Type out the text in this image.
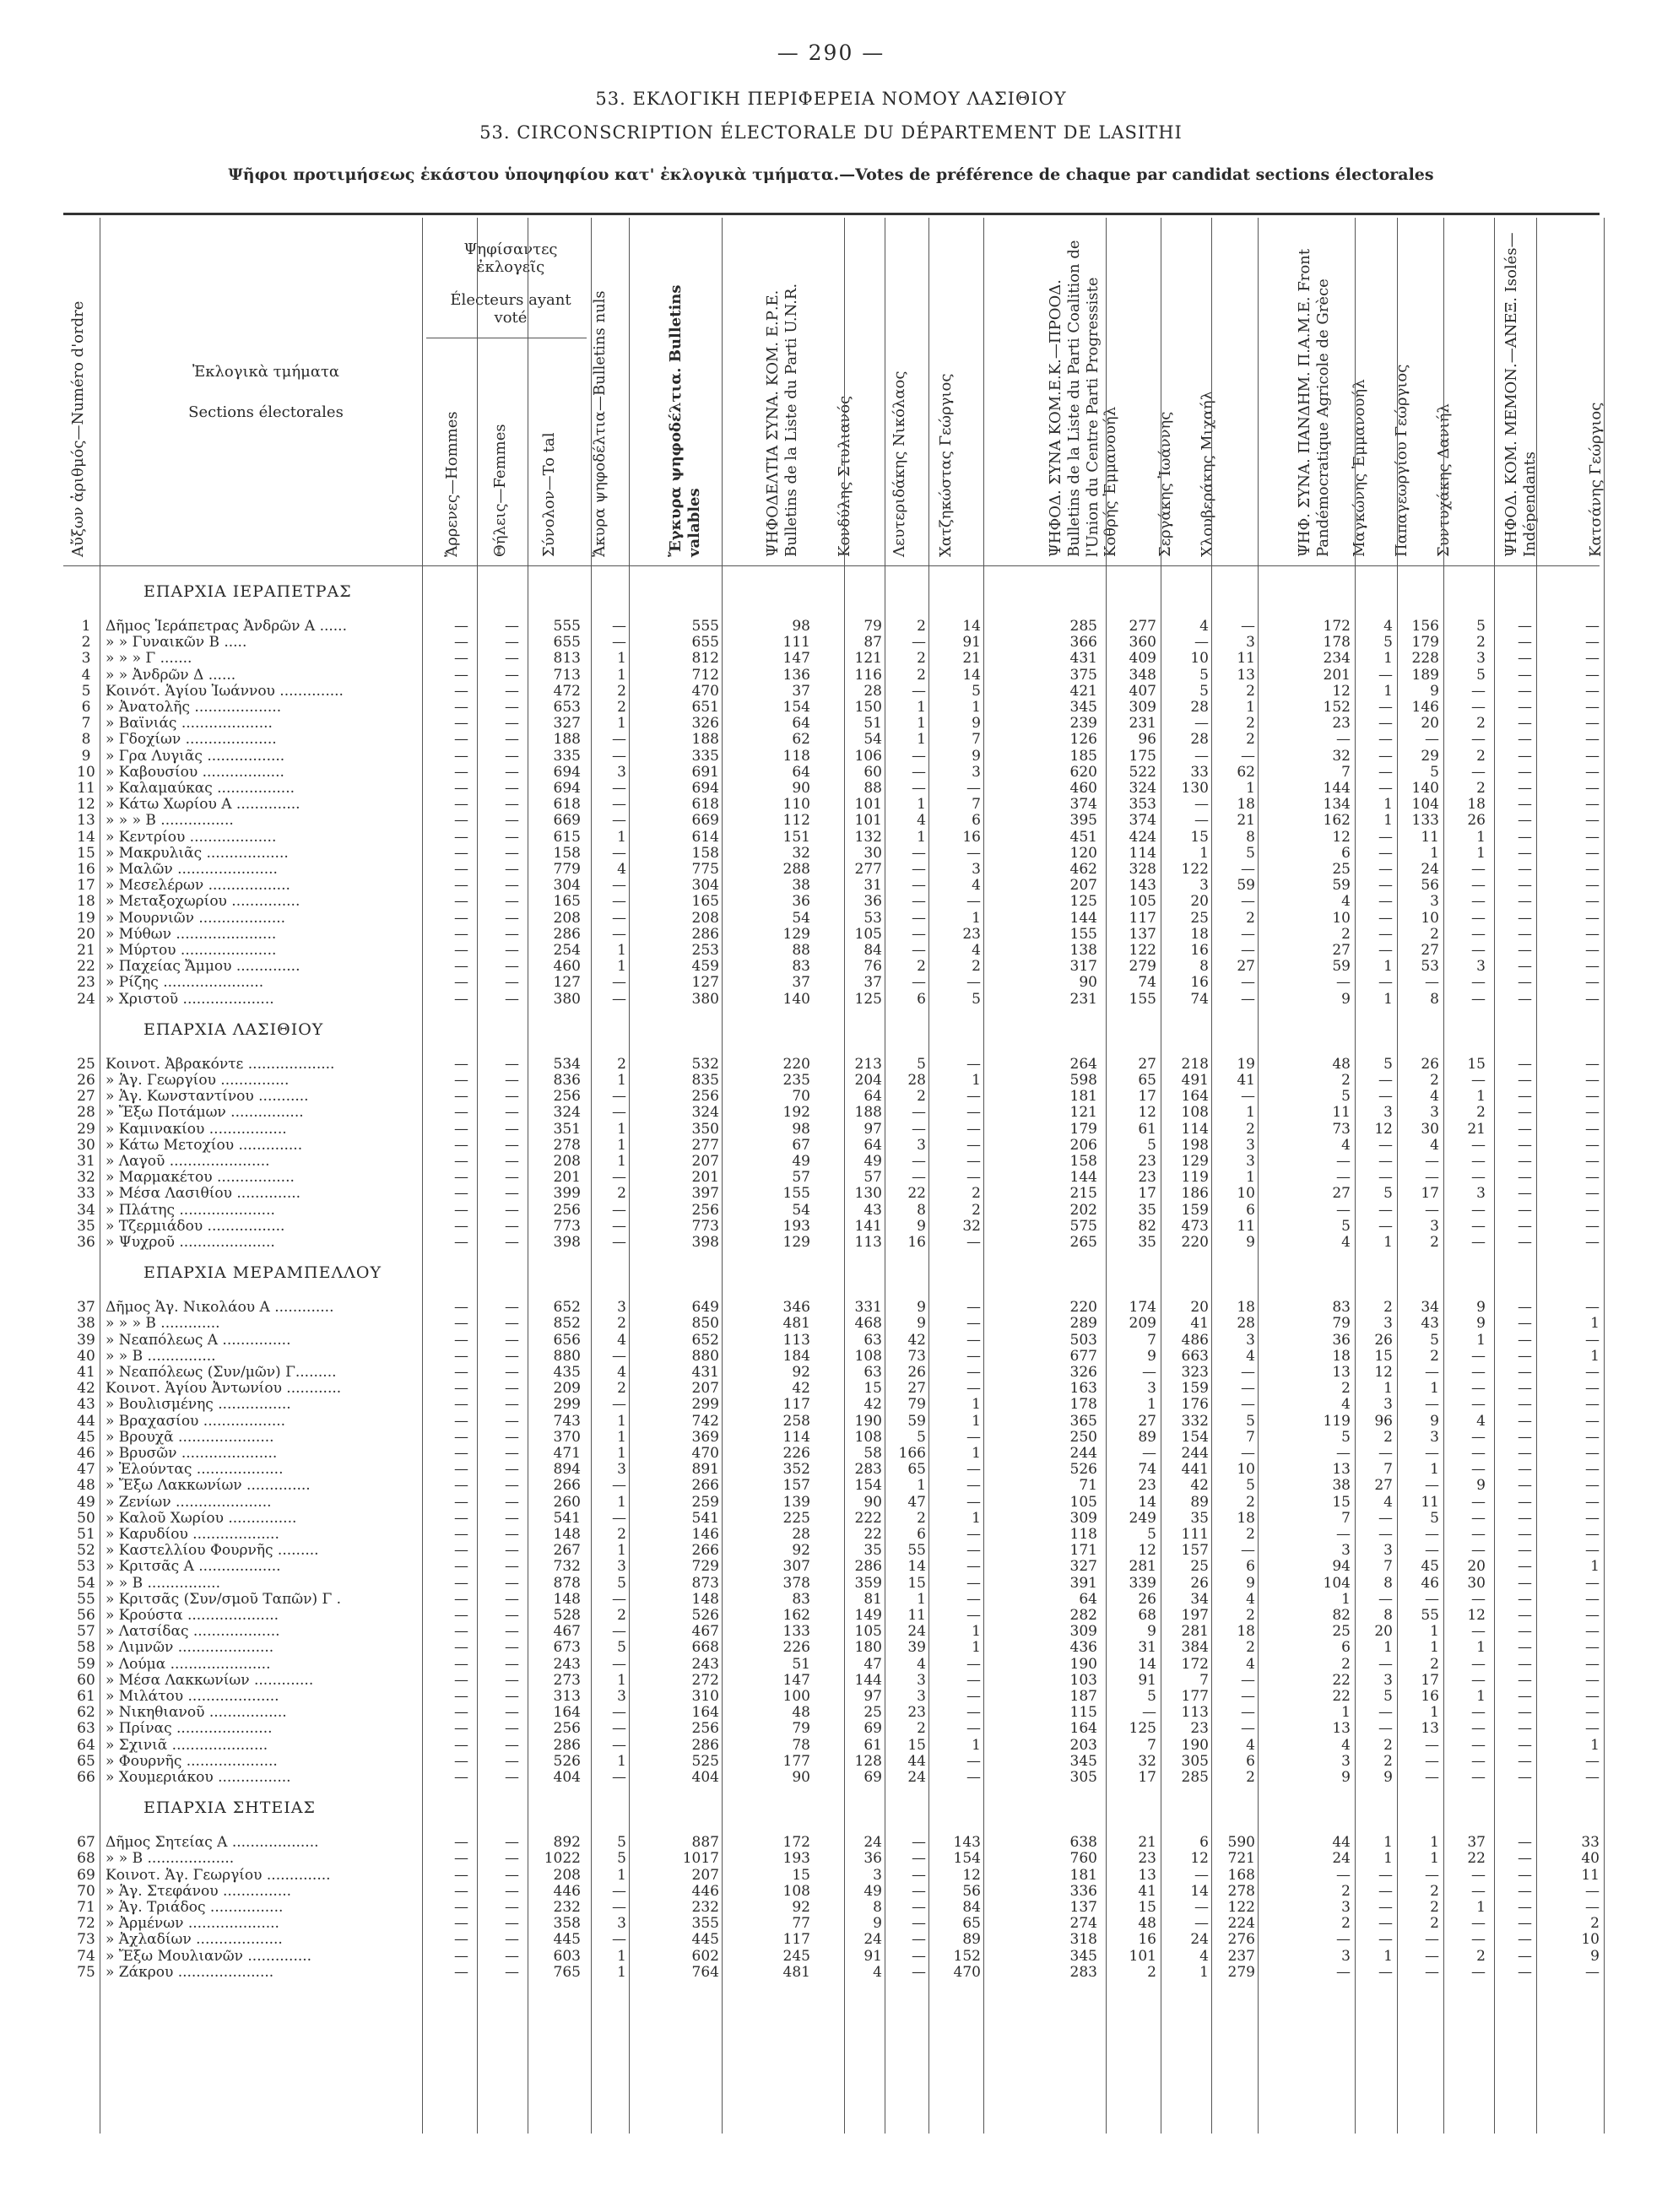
— 290 —
53. ΕΚΛΟΓΙΚΗ ΠΕΡΙΦΕΡΕΙΑ ΝΟΜΟΥ ΛΑΣΙΘΙΟΥ
53. CIRCONSCRIPTION ÉLECTORALE DU DÉPARTEMENT DE LASITHI
Ψῆφοι προτιμήσεως ἑκάστου ὑποψηφίου κατ' ἐκλογικὰ τμήματα.—Votes de préférence de chaque par candidat sections électorales
Αὔξων ἀριθμός—Numéro d'ordre	Ἐκλογικὰ τμήματα
Sections électorales
Ψηφίσαντες ἐκλογεῖς
Électeurs ayant voté
Ἄρρενες—Hommes	Θήλεις—Femmes	Σύνολον—To tal	Ἄκυρα ψηφοδέλτια—Bulletins nuls	Ἔγκυρα ψηφοδέλτια. Bulletins valables	ΨΗΦΟΔΕΛΤΙΑ ΣΥΝΑ. ΚΟΜ. Ε.Ρ.Ε. Bulletins de la Liste du Parti U.N.R.	Κονδύλης Στυλιανός	Λευτεριδάκης Νικόλαος	Χατζηκώστας Γεώργιος	ΨΗΦΟΔ. ΣΥΝΑ ΚΟΜ.Ε.Κ.—ΠΡΟΟΔ. Bulletins de la Liste du Parti Coalition de l'Union du Centre Parti Progressiste Κοθρής Ἐμμανουήλ	Σεργάκης Ἰωάννης	Χλουβεράκης Μιχαήλ	ΨΗΦ. ΣΥΝΑ. ΠΑΝΔΗΜ. Π.Α.Μ.Ε. Front Pandémocratique Agricole de Grèce	Μαγκώνης Ἐμμανουήλ	Παπαγεωργίου Γεώργιος	Συντυχάκης Δανιήλ	ΨΗΦΟΔ. ΚΟΜ. ΜΕΜΟΝ.—ΑΝΕΞ. Isolés—Indépendants	Κατσάνης Γεώργιος
ΕΠΑΡΧΙΑ ΙΕΡΑΠΕΤΡΑΣ
1	Δῆμος Ἱεράπετρας Ἀνδρῶν Α ......	—	—	555	—	555	98	79	2	14	285	277	4	—	172	4	156	5	—	—
2	» » Γυναικῶν Β .....	—	—	655	—	655	111	87	—	91	366	360	—	3	178	5	179	2	—	—
3	» » » Γ .......	—	—	813	1	812	147	121	2	21	431	409	10	11	234	1	228	3	—	—
4	» » Ἀνδρῶν Δ ......	—	—	713	1	712	136	116	2	14	375	348	5	13	201	—	189	5	—	—
5	Κοινότ. Ἁγίου Ἰωάννου ..............	—	—	472	2	470	37	28	—	5	421	407	5	2	12	1	9	—	—	—
6	» Ἀνατολῆς ...................	—	—	653	2	651	154	150	1	1	345	309	28	1	152	—	146	—	—	—
7	» Βαϊνιάς ....................	—	—	327	1	326	64	51	1	9	239	231	—	2	23	—	20	2	—	—
8	» Γδοχίων ....................	—	—	188	—	188	62	54	1	7	126	96	28	2	—	—	—	—	—	—
9	» Γρα Λυγιᾶς .................	—	—	335	—	335	118	106	—	9	185	175	—	—	32	—	29	2	—	—
10 » Καβουσίου ..................	—	—	694	3	691	64	60	—	3	620	522	33	62	7	—	5	—	—	—
11 » Καλαμαύκας .................	—	—	694	—	694	90	88	—	—	460	324	130	1	144	—	140	2	—	—
12 » Κάτω Χωρίου Α ..............	—	—	618	—	618	110	101	1	7	374	353	—	18	134	1	104	18	—	—
13 » » » Β ................	—	—	669	—	669	112	101	4	6	395	374	—	21	162	1	133	26	—	—
14 » Κεντρίου ...................	—	—	615	1	614	151	132	1	16	451	424	15	8	12	—	11	1	—	—
15 » Μακρυλιᾶς ..................	—	—	158	—	158	32	30	—	—	120	114	1	5	6	—	1	1	—	—
16 » Μαλῶν ......................	—	—	779	4	775	288	277	—	3	462	328	122	—	25	—	24	—	—	—
17 » Μεσελέρων ..................	—	—	304	—	304	38	31	—	4	207	143	3	59	59	—	56	—	—	—
18 » Μεταξοχωρίου ...............	—	—	165	—	165	36	36	—	—	125	105	20	—	4	—	3	—	—	—
19 » Μουρνιῶν ...................	—	—	208	—	208	54	53	—	1	144	117	25	2	10	—	10	—	—	—
20 » Μύθων ......................	—	—	286	—	286	129	105	—	23	155	137	18	—	2	—	2	—	—	—
21 » Μύρτου .....................	—	—	254	1	253	88	84	—	4	138	122	16	—	27	—	27	—	—	—
22 » Παχείας Ἄμμου ..............	—	—	460	1	459	83	76	2	2	317	279	8	27	59	1	53	3	—	—
23 » Ρίζης ......................	—	—	127	—	127	37	37	—	—	90	74	16	—	—	—	—	—	—	—
24 » Χριστοῦ ....................	—	—	380	—	380	140	125	6	5	231	155	74	—	9	1	8	—	—	—
ΕΠΑΡΧΙΑ ΛΑΣΙΘΙΟΥ
25 Κοινοτ. Ἀβρακόντε ...................	—	—	534	2	532	220	213	5	—	264	27	218	19	48	5	26	15	—	—
26 » Ἁγ. Γεωργίου ...............	—	—	836	1	835	235	204	28	1	598	65	491	41	2	—	2	—	—	—
27 » Ἁγ. Κωνσταντίνου ...........	—	—	256	—	256	70	64	2	—	181	17	164	—	5	—	4	1	—	—
28 » Ἔξω Ποτάμων ................	—	—	324	—	324	192	188	—	—	121	12	108	1	11	3	3	2	—	—
29 » Καμινακίου .................	—	—	351	1	350	98	97	—	—	179	61	114	2	73	12	30	21	—	—
30 » Κάτω Μετοχίου ..............	—	—	278	1	277	67	64	3	—	206	5	198	3	4	—	4	—	—	—
31 » Λαγοῦ ......................	—	—	208	1	207	49	49	—	—	158	23	129	3	—	—	—	—	—	—
32 » Μαρμακέτου .................	—	—	201	—	201	57	57	—	—	144	23	119	1	—	—	—	—	—	—
33 » Μέσα Λασιθίου ..............	—	—	399	2	397	155	130	22	2	215	17	186	10	27	5	17	3	—	—
34 » Πλάτης .....................	—	—	256	—	256	54	43	8	2	202	35	159	6	—	—	—	—	—	—
35 » Τζερμιάδου .................	—	—	773	—	773	193	141	9	32	575	82	473	11	5	—	3	—	—	—
36 » Ψυχροῦ .....................	—	—	398	—	398	129	113	16	—	265	35	220	9	4	1	2	—	—	—
ΕΠΑΡΧΙΑ ΜΕΡΑΜΠΕΛΛΟΥ
37 Δῆμος Ἁγ. Νικολάου Α .............	—	—	652	3	649	346	331	9	—	220	174	20	18	83	2	34	9	—	—
38 » » » Β .............	—	—	852	2	850	481	468	9	—	289	209	41	28	79	3	43	9	—	1
39 » Νεαπόλεως Α ...............	—	—	656	4	652	113	63	42	—	503	7	486	3	36	26	5	1	—	—
40 » » Β ...............	—	—	880	—	880	184	108	73	—	677	9	663	4	18	15	2	—	—	1
41 » Νεαπόλεως (Συν/μῶν) Γ.........	—	—	435	4	431	92	63	26	—	326	—	323	—	13	12	—	—	—	—
42 Κοινοτ. Ἁγίου Ἀντωνίου ............	—	—	209	2	207	42	15	27	—	163	3	159	—	2	1	1	—	—	—
43 » Βουλισμένης ................	—	—	299	—	299	117	42	79	1	178	1	176	—	4	3	—	—	—	—
44 » Βραχασίου ..................	—	—	743	1	742	258	190	59	1	365	27	332	5	119	96	9	4	—	—
45 » Βρουχᾶ .....................	—	—	370	1	369	114	108	5	—	250	89	154	7	5	2	3	—	—	—
46 » Βρυσῶν .....................	—	—	471	1	470	226	58	166	1	244	—	244	—	—	—	—	—	—	—
47 » Ἐλούντας ...................	—	—	894	3	891	352	283	65	—	526	74	441	10	13	7	1	—	—	—
48 » Ἔξω Λακκωνίων ..............	—	—	266	—	266	157	154	1	—	71	23	42	5	38	27	—	9	—	—
49 » Ζενίων .....................	—	—	260	1	259	139	90	47	—	105	14	89	2	15	4	11	—	—	—
50 » Καλοῦ Χωρίου ...............	—	—	541	—	541	225	222	2	1	309	249	35	18	7	—	5	—	—	—
51 » Καρυδίου ...................	—	—	148	2	146	28	22	6	—	118	5	111	2	—	—	—	—	—	—
52 » Καστελλίου Φουρνῆς .........	—	—	267	1	266	92	35	55	—	171	12	157	—	3	3	—	—	—	—
53 » Κριτσᾶς Α ..................	—	—	732	3	729	307	286	14	—	327	281	25	6	94	7	45	20	—	1
54 » » Β ................	—	—	878	5	873	378	359	15	—	391	339	26	9	104	8	46	30	—	—
55 » Κριτσᾶς (Συν/σμοῦ Ταπῶν) Γ .	—	—	148	—	148	83	81	1	—	64	26	34	4	1	—	—	—	—	—
56 » Κρούστα ....................	—	—	528	2	526	162	149	11	—	282	68	197	2	82	8	55	12	—	—
57 » Λατσίδας ...................	—	—	467	—	467	133	105	24	1	309	9	281	18	25	20	1	—	—	—
58 » Λιμνῶν .....................	—	—	673	5	668	226	180	39	1	436	31	384	2	6	1	1	1	—	—
59 » Λούμα ......................	—	—	243	—	243	51	47	4	—	190	14	172	4	2	—	2	—	—	—
60 » Μέσα Λακκωνίων .............	—	—	273	1	272	147	144	3	—	103	91	7	—	22	3	17	—	—	—
61 » Μιλάτου ....................	—	—	313	3	310	100	97	3	—	187	5	177	—	22	5	16	1	—	—
62 » Νικηθιανοῦ .................	—	—	164	—	164	48	25	23	—	115	—	113	—	1	—	1	—	—	—
63 » Πρίνας .....................	—	—	256	—	256	79	69	2	—	164	125	23	—	13	—	13	—	—	—
64 » Σχινιᾶ .....................	—	—	286	—	286	78	61	15	1	203	7	190	4	4	2	—	—	—	1
65 » Φουρνῆς ....................	—	—	526	1	525	177	128	44	—	345	32	305	6	3	2	—	—	—	—
66 » Χουμεριάκου ................	—	—	404	—	404	90	69	24	—	305	17	285	2	9	9	—	—	—	—
ΕΠΑΡΧΙΑ ΣΗΤΕΙΑΣ
67 Δῆμος Σητείας Α ...................	—	—	892	5	887	172	24	—	143	638	21	6	590	44	1	1	37	—	33
68 » » Β ...................	—	—	1022	5	1017	193	36	—	154	760	23	12	721	24	1	1	22	—	40
69 Κοινοτ. Ἁγ. Γεωργίου ..............	—	—	208	1	207	15	3	—	12	181	13	—	168	—	—	—	—	—	11
70 » Ἁγ. Στεφάνου ...............	—	—	446	—	446	108	49	—	56	336	41	14	278	2	—	2	—	—	—
71 » Ἁγ. Τριάδος ................	—	—	232	—	232	92	8	—	84	137	15	—	122	3	—	2	1	—	—
72 » Ἀρμένων ....................	—	—	358	3	355	77	9	—	65	274	48	—	224	2	—	2	—	—	2
73 » Ἀχλαδίων ...................	—	—	445	—	445	117	24	—	89	318	16	24	276	—	—	—	—	—	10
74 » Ἔξω Μουλιανῶν ..............	—	—	603	1	602	245	91	—	152	345	101	4	237	3	1	—	2	—	9
75 » Ζάκρου .....................	—	—	765	1	764	481	4	—	470	283	2	1	279	—	—	—	—	—	—
